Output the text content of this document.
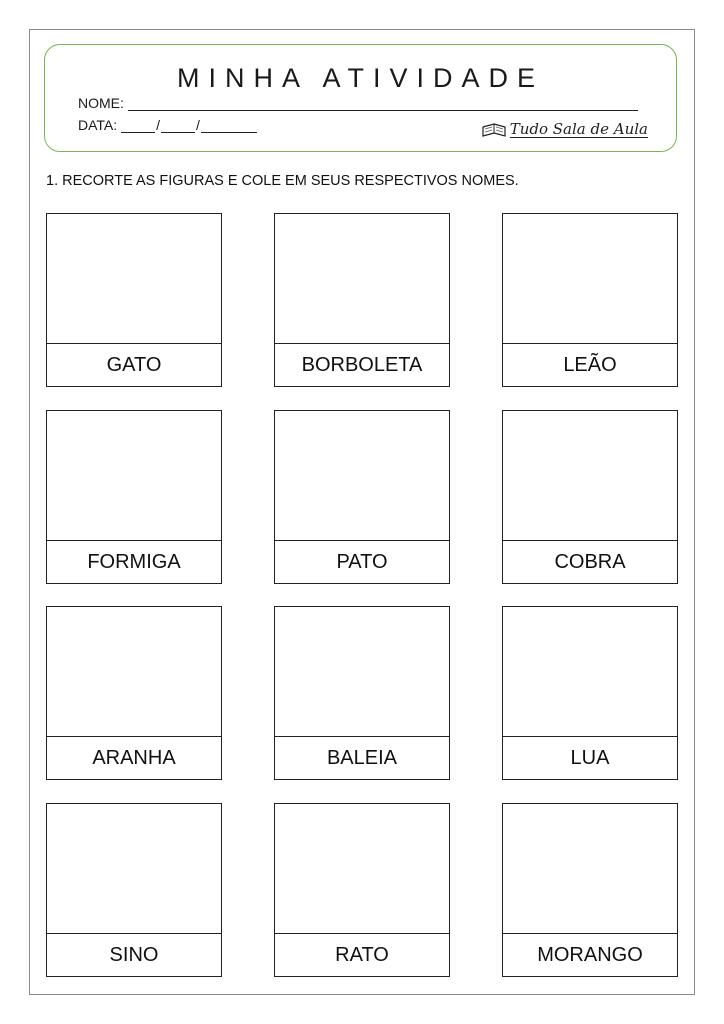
MINHA ATIVIDADE
NOME:
DATA:	/	/	Tudo Sala de Aula
1. RECORTE AS FIGURAS E COLE EM SEUS RESPECTIVOS NOMES.
GATO	BORBOLETA	LEÃO
FORMIGA	PATO	COBRA
ARANHA	BALEIA	LUA
SINO	RATO	MORANGO
